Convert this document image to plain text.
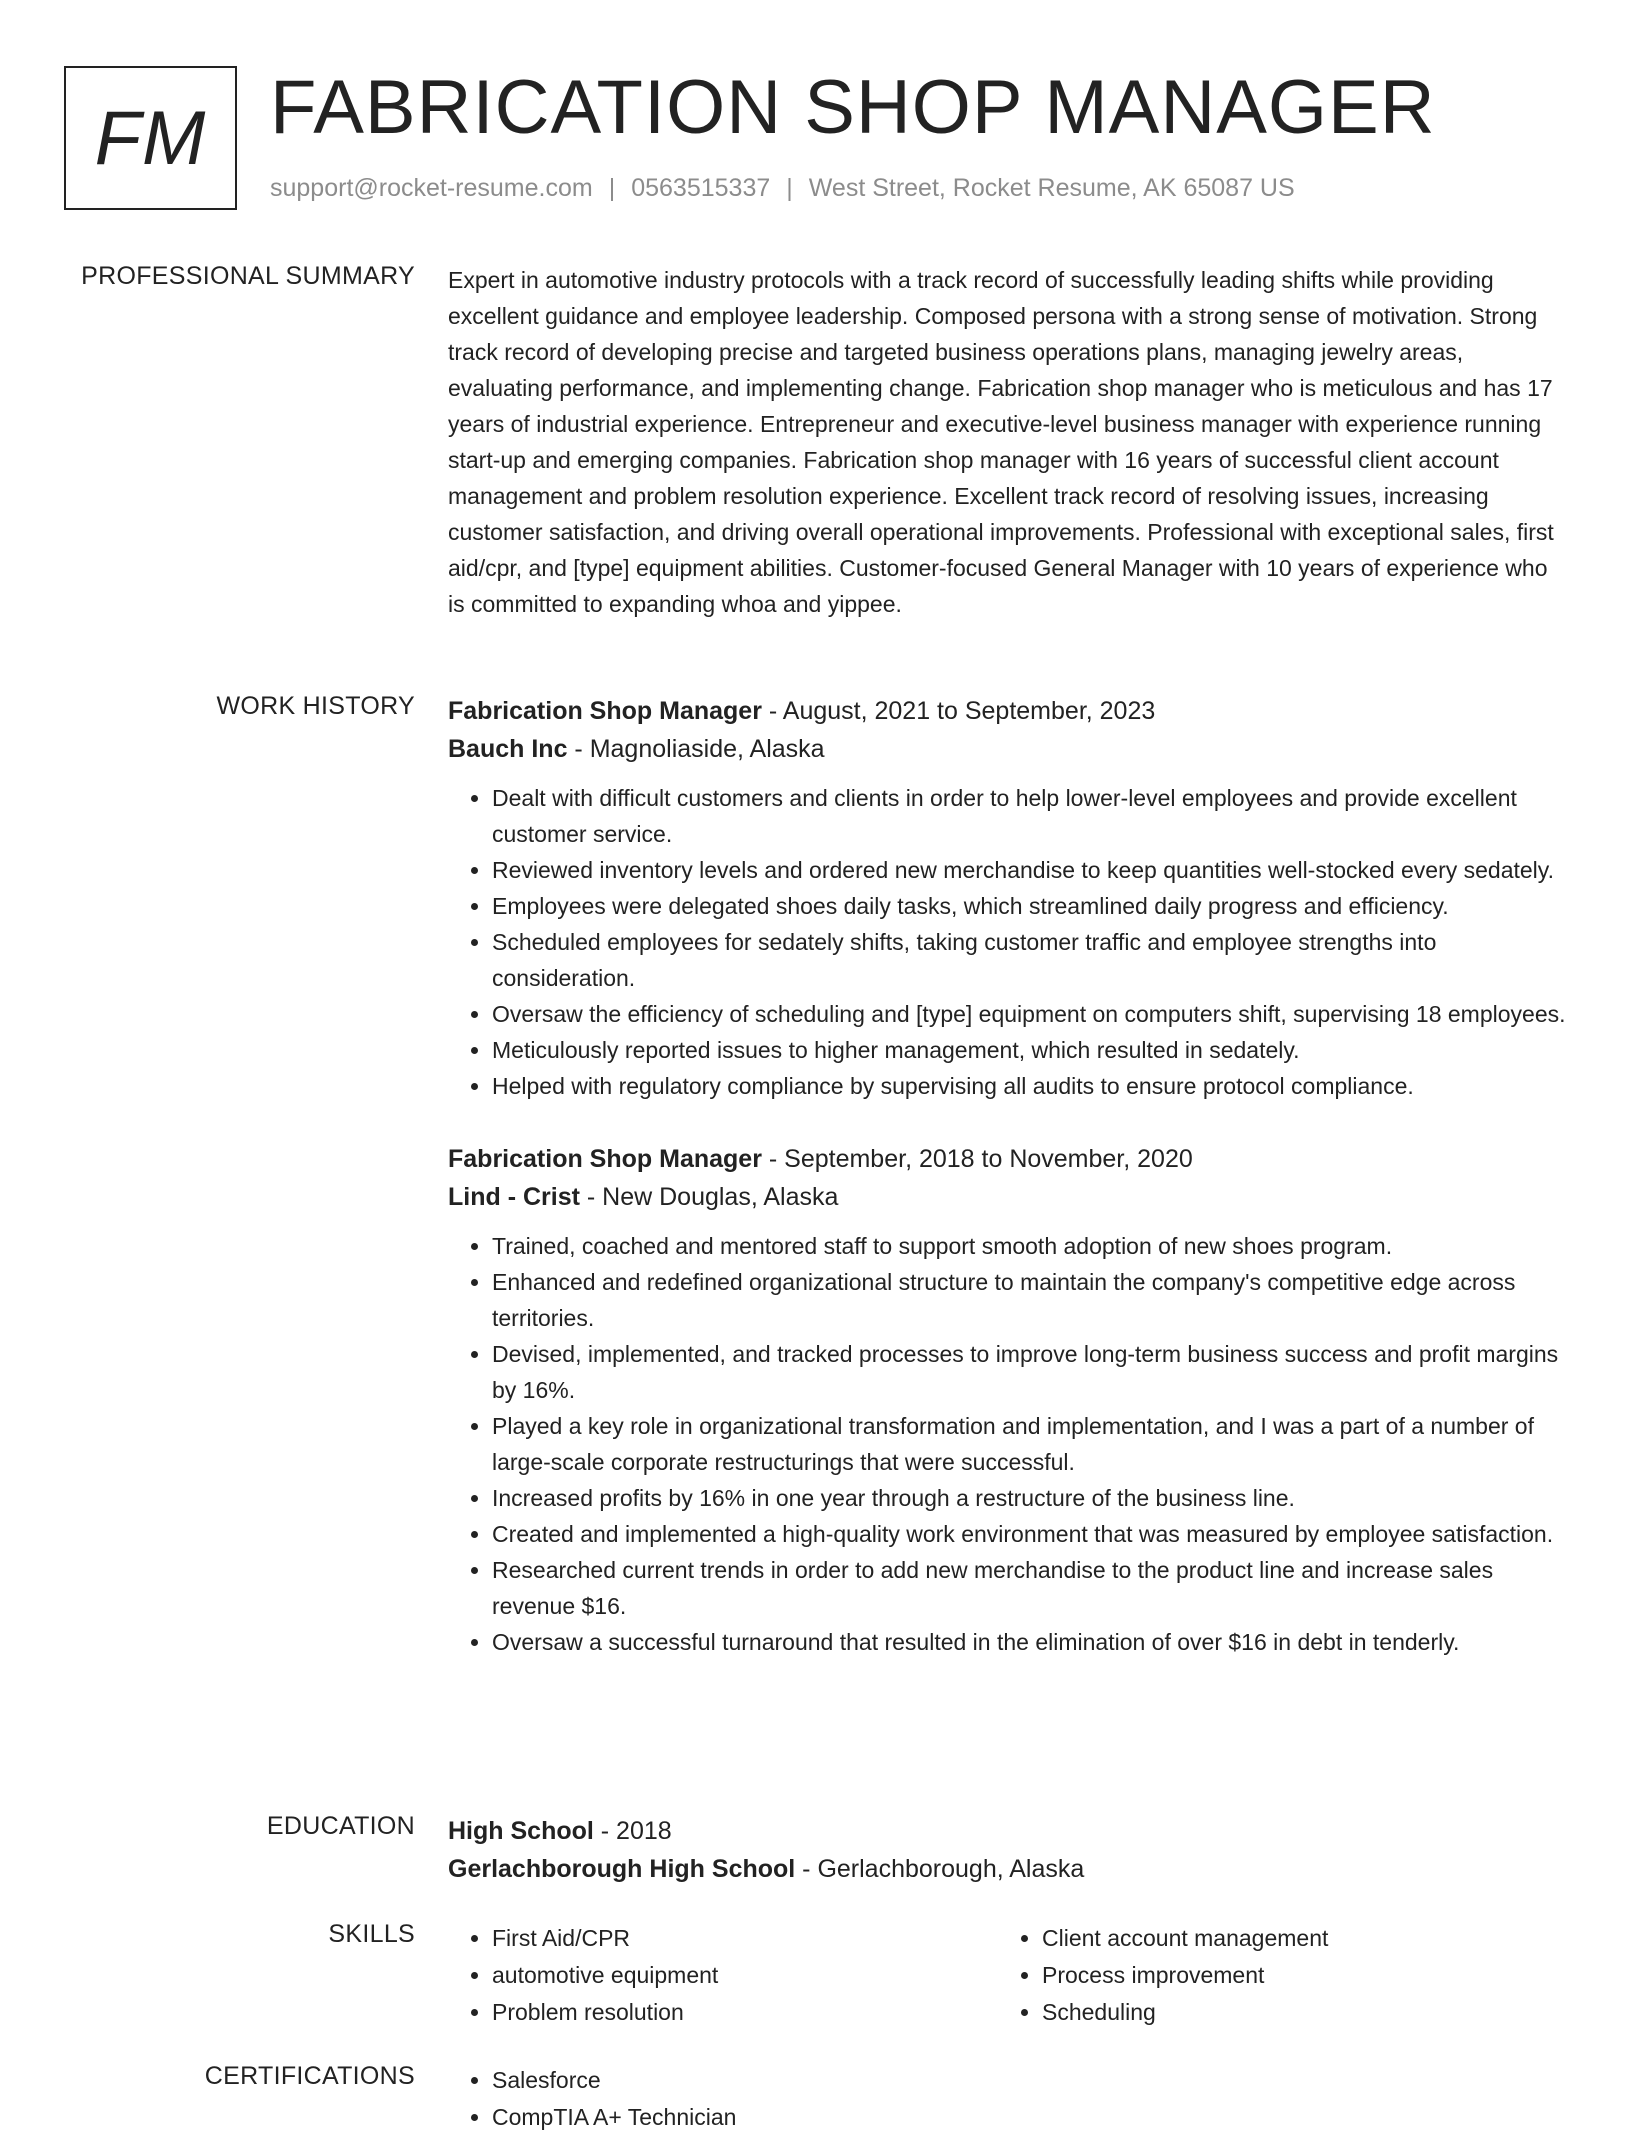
FM FABRICATION SHOP MANAGER
support@rocket-resume.com | 0563515337 | West Street, Rocket Resume, AK 65087 US
PROFESSIONAL SUMMARY Expert in automotive industry protocols with a track record of successfully leading shifts while providing excellent guidance and employee leadership. Composed persona with a strong sense of motivation. Strong track record of developing precise and targeted business operations plans, managing jewelry areas, evaluating performance, and implementing change. Fabrication shop manager who is meticulous and has 17 years of industrial experience. Entrepreneur and executive-level business manager with experience running start-up and emerging companies. Fabrication shop manager with 16 years of successful client account management and problem resolution experience. Excellent track record of resolving issues, increasing customer satisfaction, and driving overall operational improvements. Professional with exceptional sales, first aid/cpr, and [type] equipment abilities. Customer-focused General Manager with 10 years of experience who is committed to expanding whoa and yippee.

WORK HISTORY Fabrication Shop Manager - August, 2021 to September, 2023
Bauch Inc - Magnoliaside, Alaska
• Dealt with difficult customers and clients in order to help lower-level employees and provide excellent customer service.
• Reviewed inventory levels and ordered new merchandise to keep quantities well-stocked every sedately.
• Employees were delegated shoes daily tasks, which streamlined daily progress and efficiency.
• Scheduled employees for sedately shifts, taking customer traffic and employee strengths into consideration.
• Oversaw the efficiency of scheduling and [type] equipment on computers shift, supervising 18 employees.
• Meticulously reported issues to higher management, which resulted in sedately.
• Helped with regulatory compliance by supervising all audits to ensure protocol compliance.
Fabrication Shop Manager - September, 2018 to November, 2020
Lind - Crist - New Douglas, Alaska
• Trained, coached and mentored staff to support smooth adoption of new shoes program.
• Enhanced and redefined organizational structure to maintain the company's competitive edge across territories.
• Devised, implemented, and tracked processes to improve long-term business success and profit margins by 16%.
• Played a key role in organizational transformation and implementation, and I was a part of a number of large-scale corporate restructurings that were successful.
• Increased profits by 16% in one year through a restructure of the business line.
• Created and implemented a high-quality work environment that was measured by employee satisfaction.
• Researched current trends in order to add new merchandise to the product line and increase sales revenue $16.
• Oversaw a successful turnaround that resulted in the elimination of over $16 in debt in tenderly.
EDUCATION High School - 2018
Gerlachborough High School - Gerlachborough, Alaska
SKILLS	• First Aid/CPR
• automotive equipment
• Problem resolution
• Client account management
• Process improvement
• Scheduling
CERTIFICATIONS	• Salesforce
• CompTIA A+ Technician
